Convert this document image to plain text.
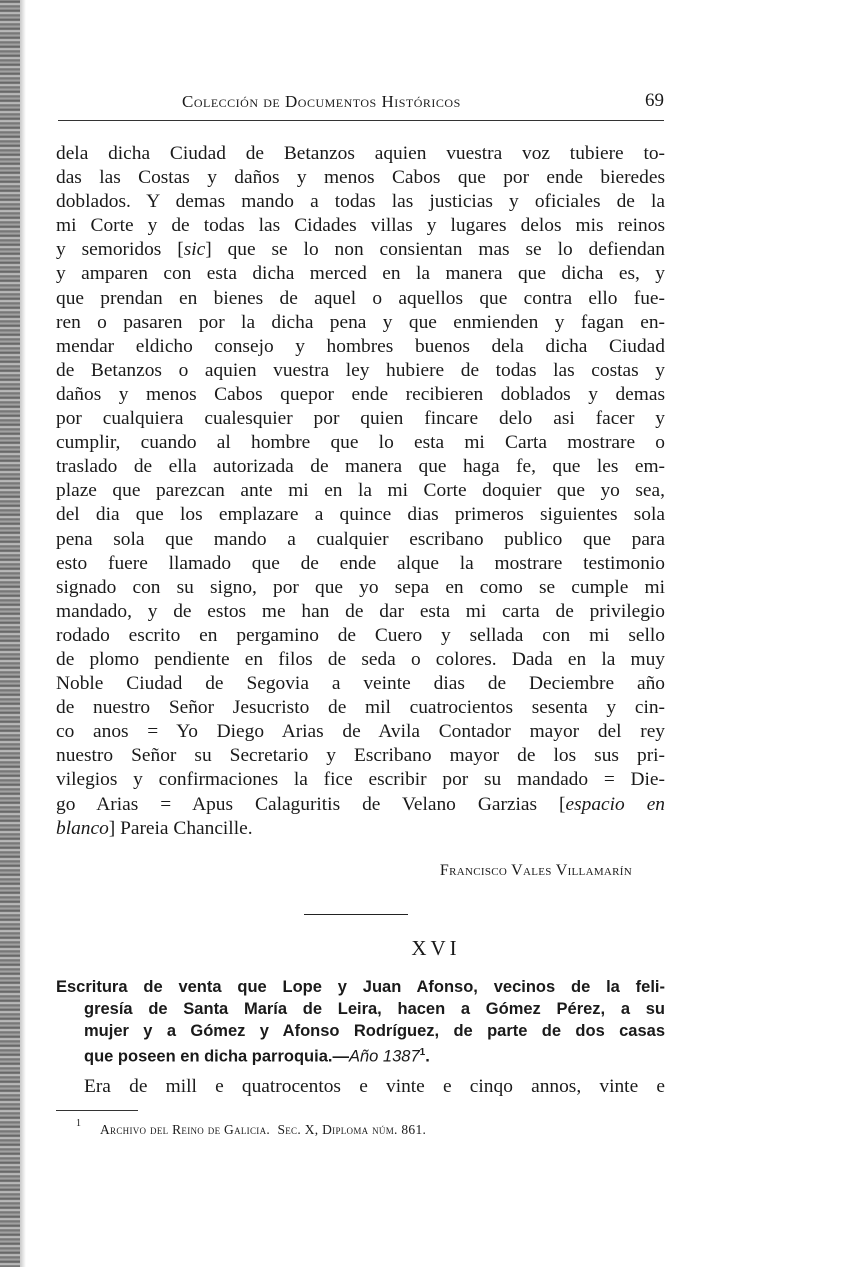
Colección de Documentos Históricos	69
dela dicha Ciudad de Betanzos aquien vuestra voz tubiere to-
das las Costas y daños y menos Cabos que por ende bieredes
doblados. Y demas mando a todas las justicias y oficiales de la
mi Corte y de todas las Cidades villas y lugares delos mis reinos
y semoridos [sic] que se lo non consientan mas se lo defiendan
y amparen con esta dicha merced en la manera que dicha es, y
que prendan en bienes de aquel o aquellos que contra ello fue-
ren o pasaren por la dicha pena y que enmienden y fagan en-
mendar eldicho consejo y hombres buenos dela dicha Ciudad
de Betanzos o aquien vuestra ley hubiere de todas las costas y
daños y menos Cabos quepor ende recibieren doblados y demas
por cualquiera cualesquier por quien fincare delo asi facer y
cumplir, cuando al hombre que lo esta mi Carta mostrare o
traslado de ella autorizada de manera que haga fe, que les em-
plaze que parezcan ante mi en la mi Corte doquier que yo sea,
del dia que los emplazare a quince dias primeros siguientes sola
pena sola que mando a cualquier escribano publico que para
esto fuere llamado que de ende alque la mostrare testimonio
signado con su signo, por que yo sepa en como se cumple mi
mandado, y de estos me han de dar esta mi carta de privilegio
rodado escrito en pergamino de Cuero y sellada con mi sello
de plomo pendiente en filos de seda o colores. Dada en la muy
Noble Ciudad de Segovia a veinte dias de Deciembre año
de nuestro Señor Jesucristo de mil cuatrocientos sesenta y cin-
co anos = Yo Diego Arias de Avila Contador mayor del rey
nuestro Señor su Secretario y Escribano mayor de los sus pri-
vilegios y confirmaciones la fice escribir por su mandado = Die-
go Arias = Apus Calaguritis de Velano Garzias [espacio en
blanco] Pareia Chancille.
Francisco Vales Villamarín
XVI
Escritura de venta que Lope y Juan Afonso, vecinos de la feli-
gresía de Santa María de Leira, hacen a Gómez Pérez, a su
mujer y a Gómez y Afonso Rodríguez, de parte de dos casas
que poseen en dicha parroquia.—Año 1387$^1$.
Era de mill e quatrocentos e vinte e cinqo annos, vinte e
1 Archivo del Reino de Galicia. Sec. X, Diploma núm. 861.
